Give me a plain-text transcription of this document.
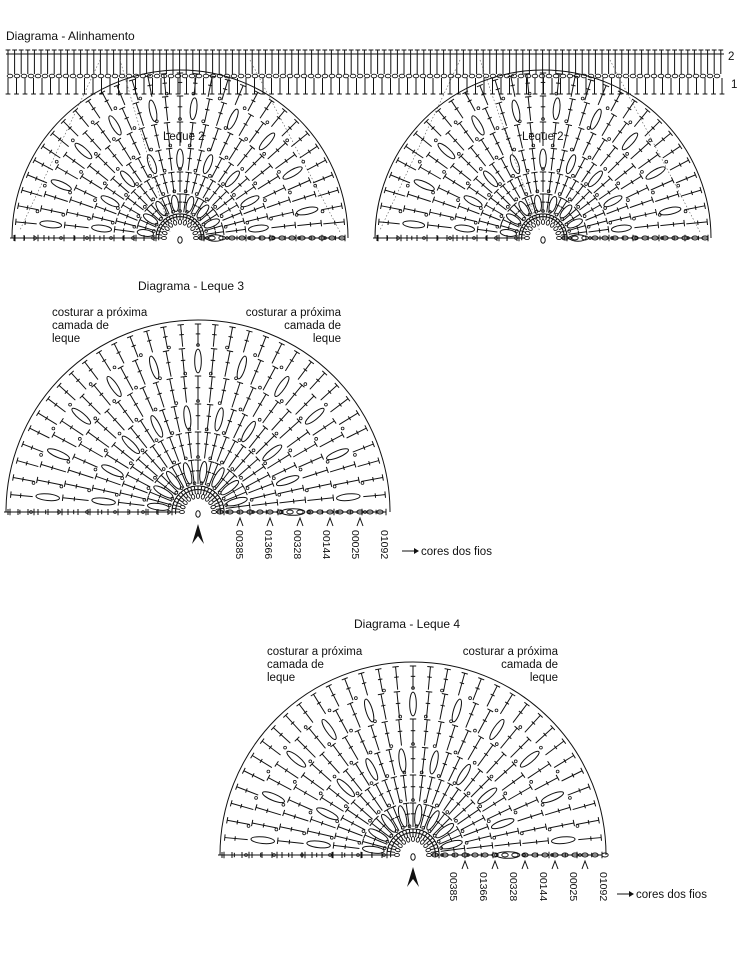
Diagrama - Alinhamento
2
1
Leque 2	Leque 2
Diagrama - Leque 3
costurar a próxima
camada de
leque
costurar a próxima
camada de
leque
00385 01366 00328 00144 00025 01092	cores dos fios
Diagrama - Leque 4
costurar a próxima
camada de
leque
costurar a próxima
camada de
leque
00385 01366 00328 00144 00025 01092 cores dos fios
